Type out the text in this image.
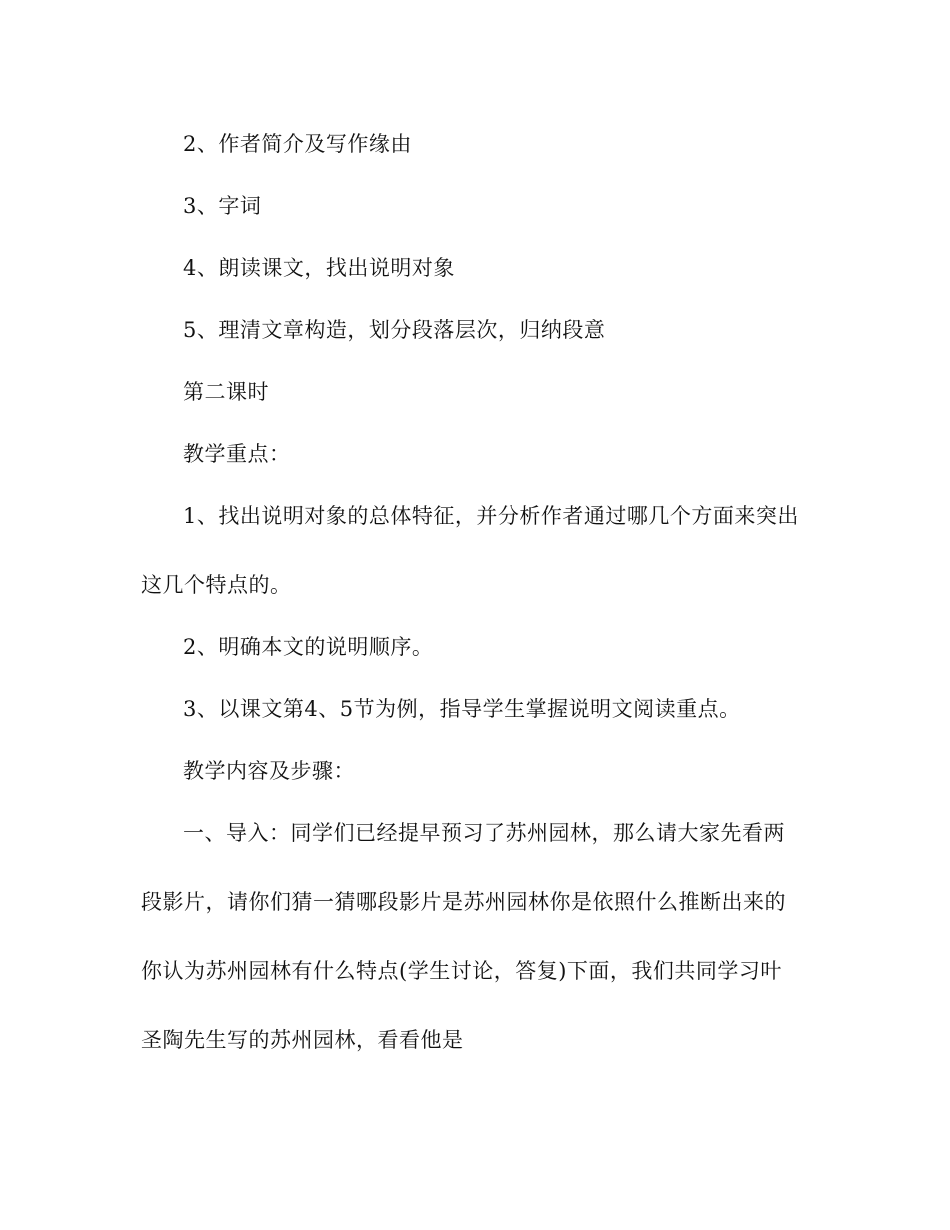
2、作者简介及写作缘由
3、字词
4、朗读课文，找出说明对象
5、理清文章构造，划分段落层次，归纳段意
第二课时
教学重点：
1、找出说明对象的总体特征，并分析作者通过哪几个方面来突出
这几个特点的。
2、明确本文的说明顺序。
3、以课文第4、5节为例，指导学生掌握说明文阅读重点。
教学内容及步骤：
一、导入：同学们已经提早预习了苏州园林，那么请大家先看两
段影片，请你们猜一猜哪段影片是苏州园林你是依照什么推断出来的
你认为苏州园林有什么特点(学生讨论，答复)下面，我们共同学习叶
圣陶先生写的苏州园林，看看他是
